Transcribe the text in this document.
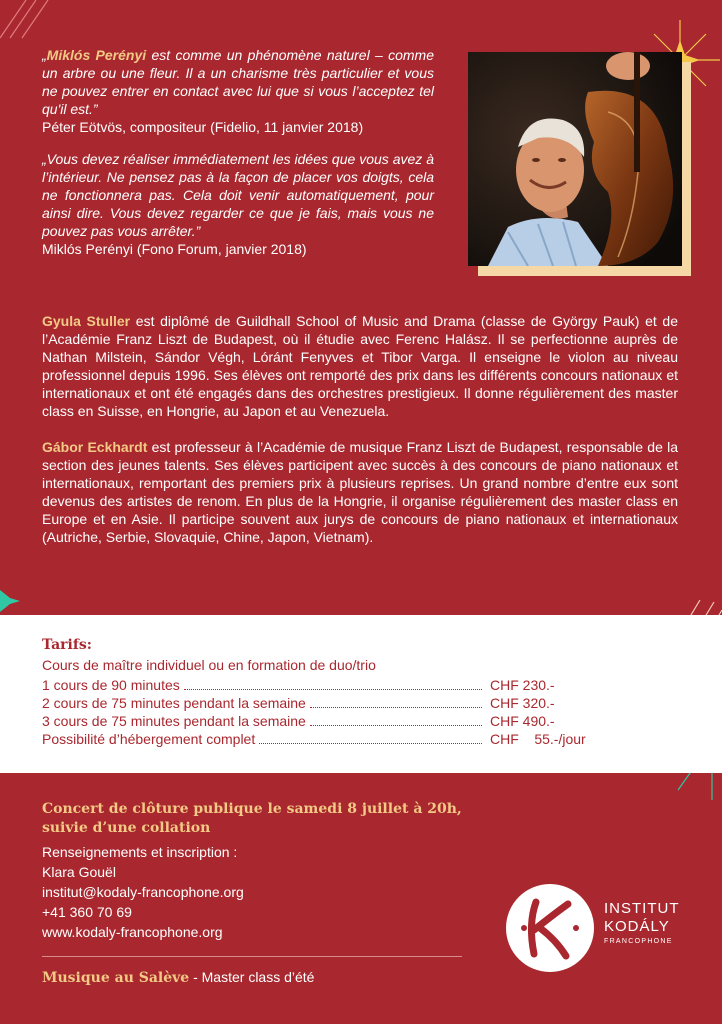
„Miklós Perényi est comme un phénomène naturel – comme un arbre ou une fleur. Il a un charisme très particulier et vous ne pouvez entrer en contact avec lui que si vous l’acceptez tel qu'il est.”

Péter Eötvös, compositeur (Fidelio, 11 janvier 2018)

„Vous devez réaliser immédiatement les idées que vous avez à l’intérieur. Ne pensez pas à la façon de placer vos doigts, cela ne fonctionnera pas. Cela doit venir automatiquement, pour ainsi dire. Vous devez regarder ce que je fais, mais vous ne pouvez pas vous arrêter.”

Miklós Perényi (Fono Forum, janvier 2018)

Gyula Stuller est diplômé de Guildhall School of Music and Drama (classe de György Pauk) et de l’Académie Franz Liszt de Budapest, où il étudie avec Ferenc Halász. Il se perfectionne auprès de Nathan Milstein, Sándor Végh, Lóránt Fenyves et Tibor Varga. Il enseigne le violon au niveau professionnel depuis 1996. Ses élèves ont remporté des prix dans les différents concours nationaux et internationaux et ont été engagés dans des orchestres prestigieux. Il donne régulièrement des master class en Suisse, en Hongrie, au Japon et au Venezuela.

Gábor Eckhardt est professeur à l’Académie de musique Franz Liszt de Budapest, responsable de la section des jeunes talents. Ses élèves participent avec succès à des concours de piano nationaux et internationaux, remportant des premiers prix à plusieurs reprises. Un grand nombre d’entre eux sont devenus des artistes de renom. En plus de la Hongrie, il organise régulièrement des master class en Europe et en Asie. Il participe souvent aux jurys de concours de piano nationaux et internationaux (Autriche, Serbie, Slovaquie, Chine, Japon, Vietnam).

Tarifs:
Cours de maître individuel ou en formation de duo/trio
1 cours de 90 minutes	CHF 230.-
2 cours de 75 minutes pendant la semaine	CHF 320.-
3 cours de 75 minutes pendant la semaine	CHF 490.-
Possibilité d’hébergement complet	CHF    55.-/jour

Concert de clôture publique le samedi 8 juillet à 20h, suivie d’une collation

Renseignements et inscription :
Klara Gouël
institut@kodaly-francophone.org
+41 360 70 69
www.kodaly-francophone.org
Musique au Salève - Master class d’été
INSTITUT
KODÁLY
FRANCOPHONE
